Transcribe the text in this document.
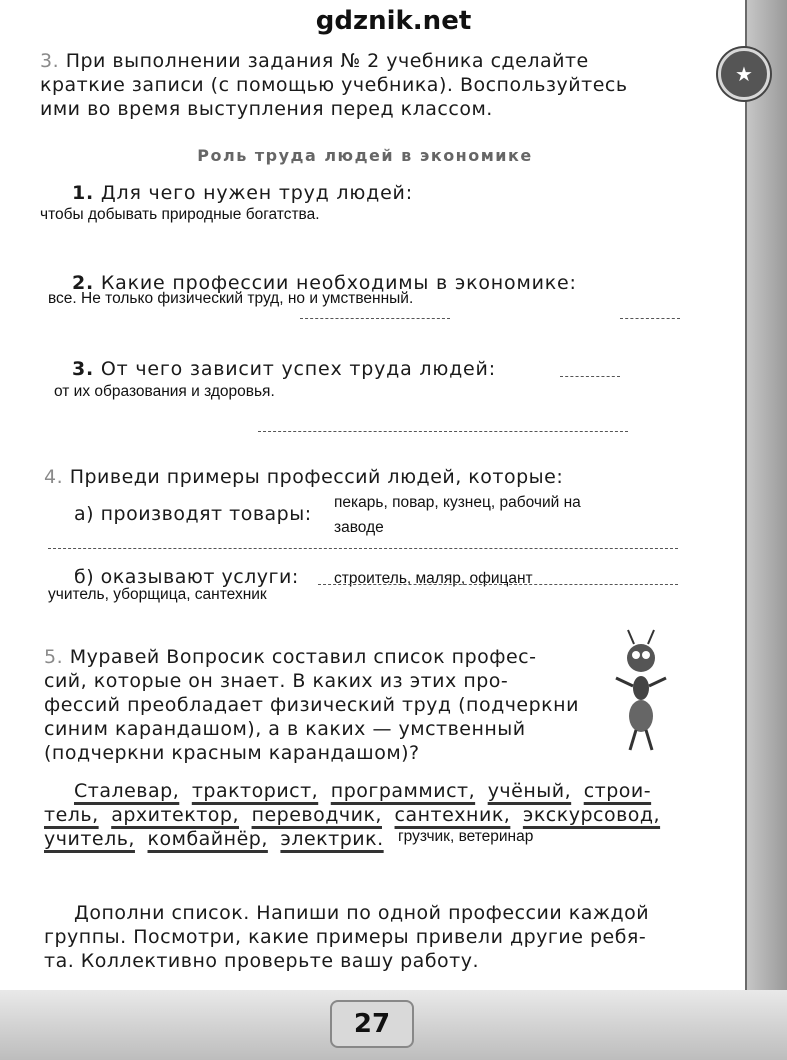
★
gdznik.net
3. При выполнении задания № 2 учебника сделайте
краткие записи (с помощью учебника). Воспользуйтесь
ими во время выступления перед классом.
Роль труда людей в экономике
1. Для чего нужен труд людей:
чтобы добывать природные богатства.
2. Какие профессии необходимы в экономике:
все. Не только физический труд, но и умственный.
3. От чего зависит успех труда людей:
от их образования и здоровья.
4. Приведи примеры профессий людей, которые:
а) производят товары:
пекарь, повар, кузнец, рабочий на
заводе
б) оказывают услуги: строитель, маляр, офицант
учитель, уборщица, сантехник
5. Муравей Вопросик составил список профес-
сий, которые он знает. В каких из этих про-
фессий преобладает физический труд (подчеркни
синим карандашом), а в каких — умственный
(подчеркни красным карандашом)?
Сталевар, тракторист, программист, учёный, строи-
тель, архитектор, переводчик, сантехник, экскурсовод,
учитель, комбайнёр, электрик. грузчик, ветеринар
Дополни список. Напиши по одной профессии каждой
группы. Посмотри, какие примеры привели другие ребя-
та. Коллективно проверьте вашу работу.
27
